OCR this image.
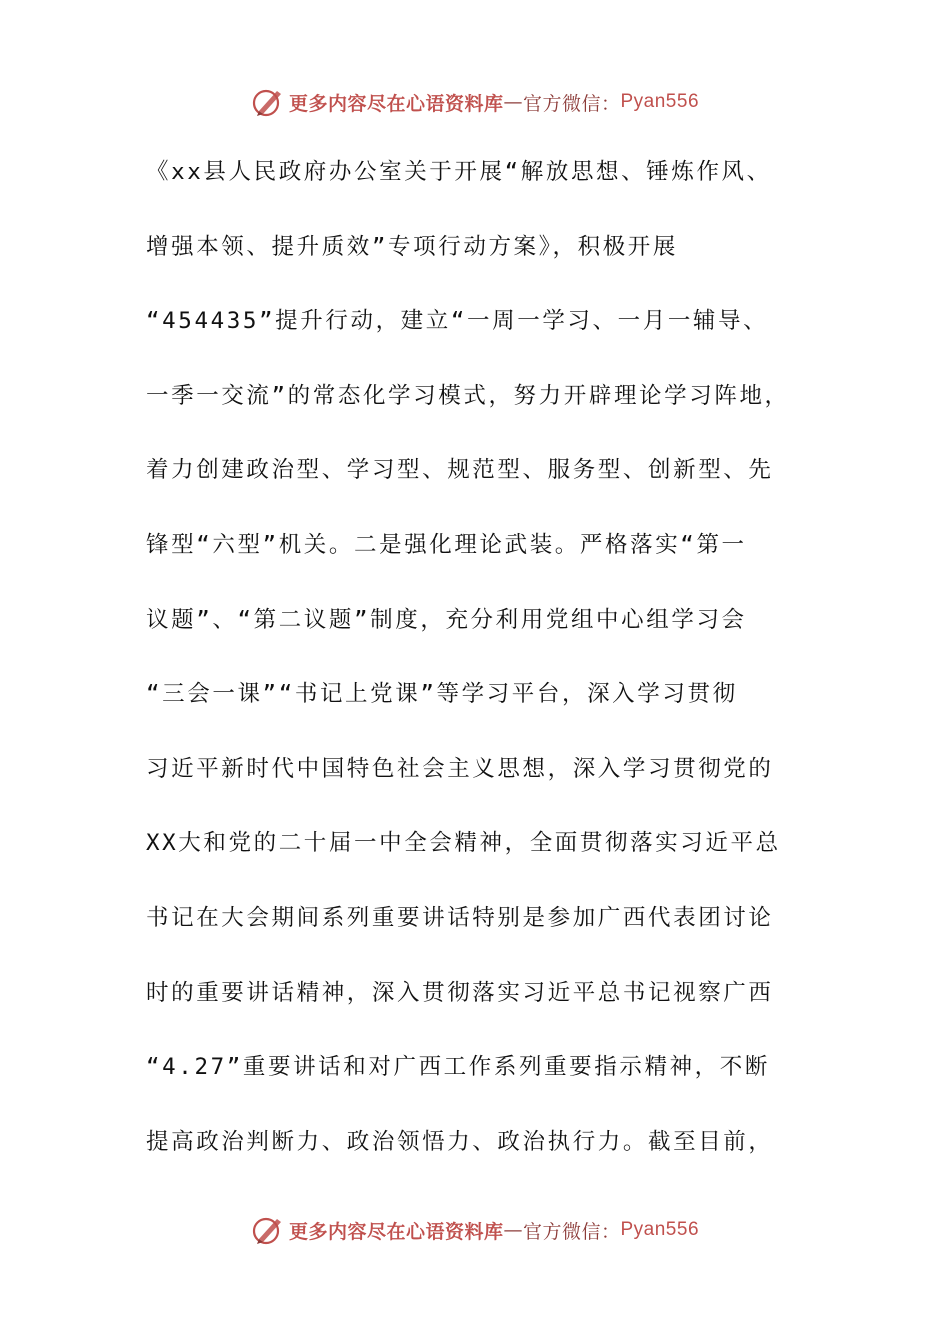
更多内容尽在心语资料库 — 官方微信： Pyan556
《xx县人民政府办公室关于开展“解放思想、锤炼作风、
增强本领、提升质效”专项行动方案》，积极开展
“454435”提升行动，建立“一周一学习、一月一辅导、
一季一交流”的常态化学习模式，努力开辟理论学习阵地，
着力创建政治型、学习型、规范型、服务型、创新型、先
锋型“六型”机关。二是强化理论武装。严格落实“第一
议题”、“第二议题”制度，充分利用党组中心组学习会
“三会一课”“书记上党课”等学习平台，深入学习贯彻
习近平新时代中国特色社会主义思想，深入学习贯彻党的
XX大和党的二十届一中全会精神，全面贯彻落实习近平总
书记在大会期间系列重要讲话特别是参加广西代表团讨论
时的重要讲话精神，深入贯彻落实习近平总书记视察广西
“4.27”重要讲话和对广西工作系列重要指示精神，不断
提高政治判断力、政治领悟力、政治执行力。截至目前，
更多内容尽在心语资料库 — 官方微信： Pyan556
